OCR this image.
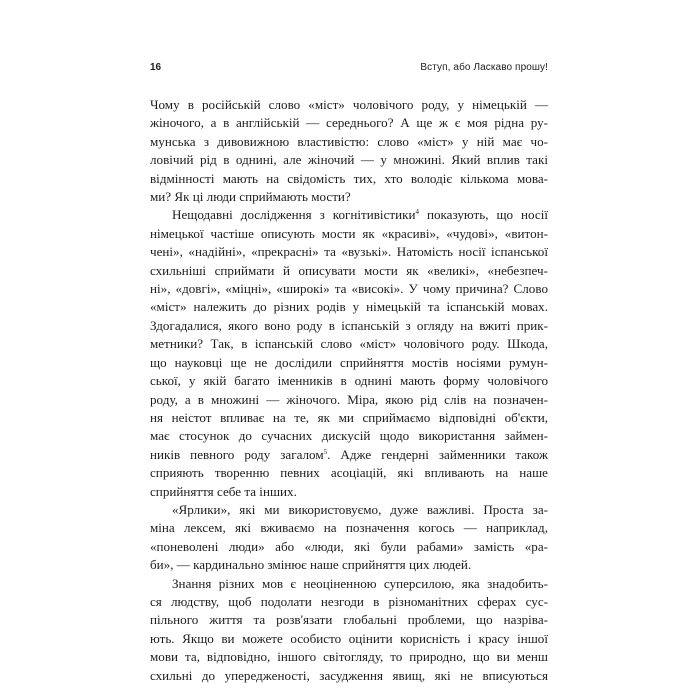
16	Вступ, або Ласкаво прошу!

Чому в російській слово «міст» чоловічого роду, у німецькій —
жіночого, а в англійській — середнього? А ще ж є моя рідна ру-
мунська з дивовижною властивістю: слово «міст» у ній має чо-
ловічий рід в однині, але жіночий — у множині. Який вплив такі
відмінності мають на свідомість тих, хто володіє кількома мова-
ми? Як ці люди сприймають мости?

Нещодавні дослідження з когнітивістики$^4$ показують, що носії
німецької частіше описують мости як «красиві», «чудові», «витон-
чені», «надійні», «прекрасні» та «вузькі». Натомість носії іспанської
схильніші сприймати й описувати мости як «великі», «небезпеч-
ні», «довгі», «міцні», «широкі» та «високі». У чому причина? Слово
«міст» належить до різних родів у німецькій та іспанській мовах.
Здогадалися, якого воно роду в іспанській з огляду на вжиті прик-
метники? Так, в іспанській слово «міст» чоловічого роду. Шкода,
що науковці ще не дослідили сприйняття мостів носіями румун-
ської, у якій багато іменників в однині мають форму чоловічого
роду, а в множині — жіночого. Міра, якою рід слів на позначен-
ня неістот впливає на те, як ми сприймаємо відповідні об'єкти,
має стосунок до сучасних дискусій щодо використання займен-
ників певного роду загалом$^5$. Адже гендерні займенники також
сприяють творенню певних асоціацій, які впливають на наше
сприйняття себе та інших.

«Ярлики», які ми використовуємо, дуже важливі. Проста за-
міна лексем, які вживаємо на позначення когось — наприклад,
«поневолені люди» або «люди, які були рабами» замість «ра-
би», — кардинально змінює наше сприйняття цих людей.

Знання різних мов є неоціненною суперсилою, яка знадобить-
ся людству, щоб подолати незгоди в різноманітних сферах сус-
пільного життя та розв'язати глобальні проблеми, що назріва-
ють. Якщо ви можете особисто оцінити корисність і красу іншої
мови та, відповідно, іншого світогляду, то природно, що ви менш
схильні до упередженості, засудження явищ, які не вписуються
